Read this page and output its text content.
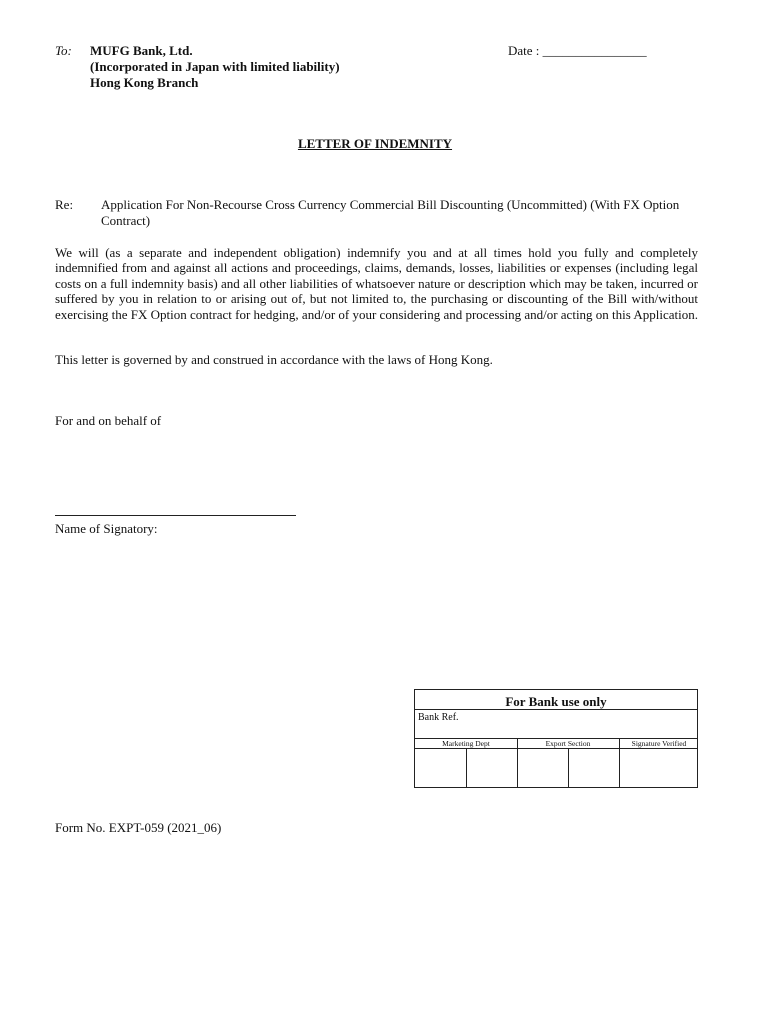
To: MUFG Bank, Ltd.
(Incorporated in Japan with limited liability)
Hong Kong Branch
Date : ________________
LETTER OF INDEMNITY
Re: Application For Non-Recourse Cross Currency Commercial Bill Discounting (Uncommitted) (With FX Option Contract)
We will (as a separate and independent obligation) indemnify you and at all times hold you fully and completely indemnified from and against all actions and proceedings, claims, demands, losses, liabilities or expenses (including legal costs on a full indemnity basis) and all other liabilities of whatsoever nature or description which may be taken, incurred or suffered by you in relation to or arising out of, but not limited to, the purchasing or discounting of the Bill with/without exercising the FX Option contract for hedging, and/or of your considering and processing and/or acting on this Application.
This letter is governed by and construed in accordance with the laws of Hong Kong.
For and on behalf of
Name of Signatory:
For Bank use only
Bank Ref.
Marketing Dept	Export Section	Signature Verified
Form No. EXPT-059 (2021_06)
